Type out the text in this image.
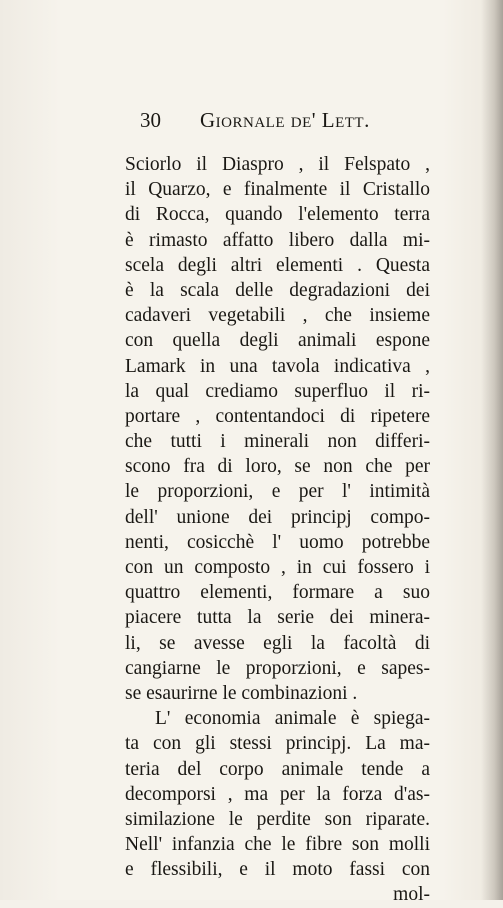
30 Giornale de' Lett.
Sciorlo il Diaspro , il Felspato ,
il Quarzo, e finalmente il Cristallo
di Rocca, quando l'elemento terra
è rimasto affatto libero dalla mi-
scela degli altri elementi . Questa
è la scala delle degradazioni dei
cadaveri vegetabili , che insieme
con quella degli animali espone
Lamark in una tavola indicativa ,
la qual crediamo superfluo il ri-
portare , contentandoci di ripetere
che tutti i minerali non differi-
scono fra di loro, se non che per
le proporzioni, e per l' intimità
dell' unione dei principj compo-
nenti, cosicchè l' uomo potrebbe
con un composto , in cui fossero i
quattro elementi, formare a suo
piacere tutta la serie dei minera-
li, se avesse egli la facoltà di
cangiarne le proporzioni, e sapes-
se esaurirne le combinazioni .
L' economia animale è spiega-
ta con gli stessi principj. La ma-
teria del corpo animale tende a
decomporsi , ma per la forza d'as-
similazione le perdite son riparate.
Nell' infanzia che le fibre son molli
e flessibili, e il moto fassi con
mol-
